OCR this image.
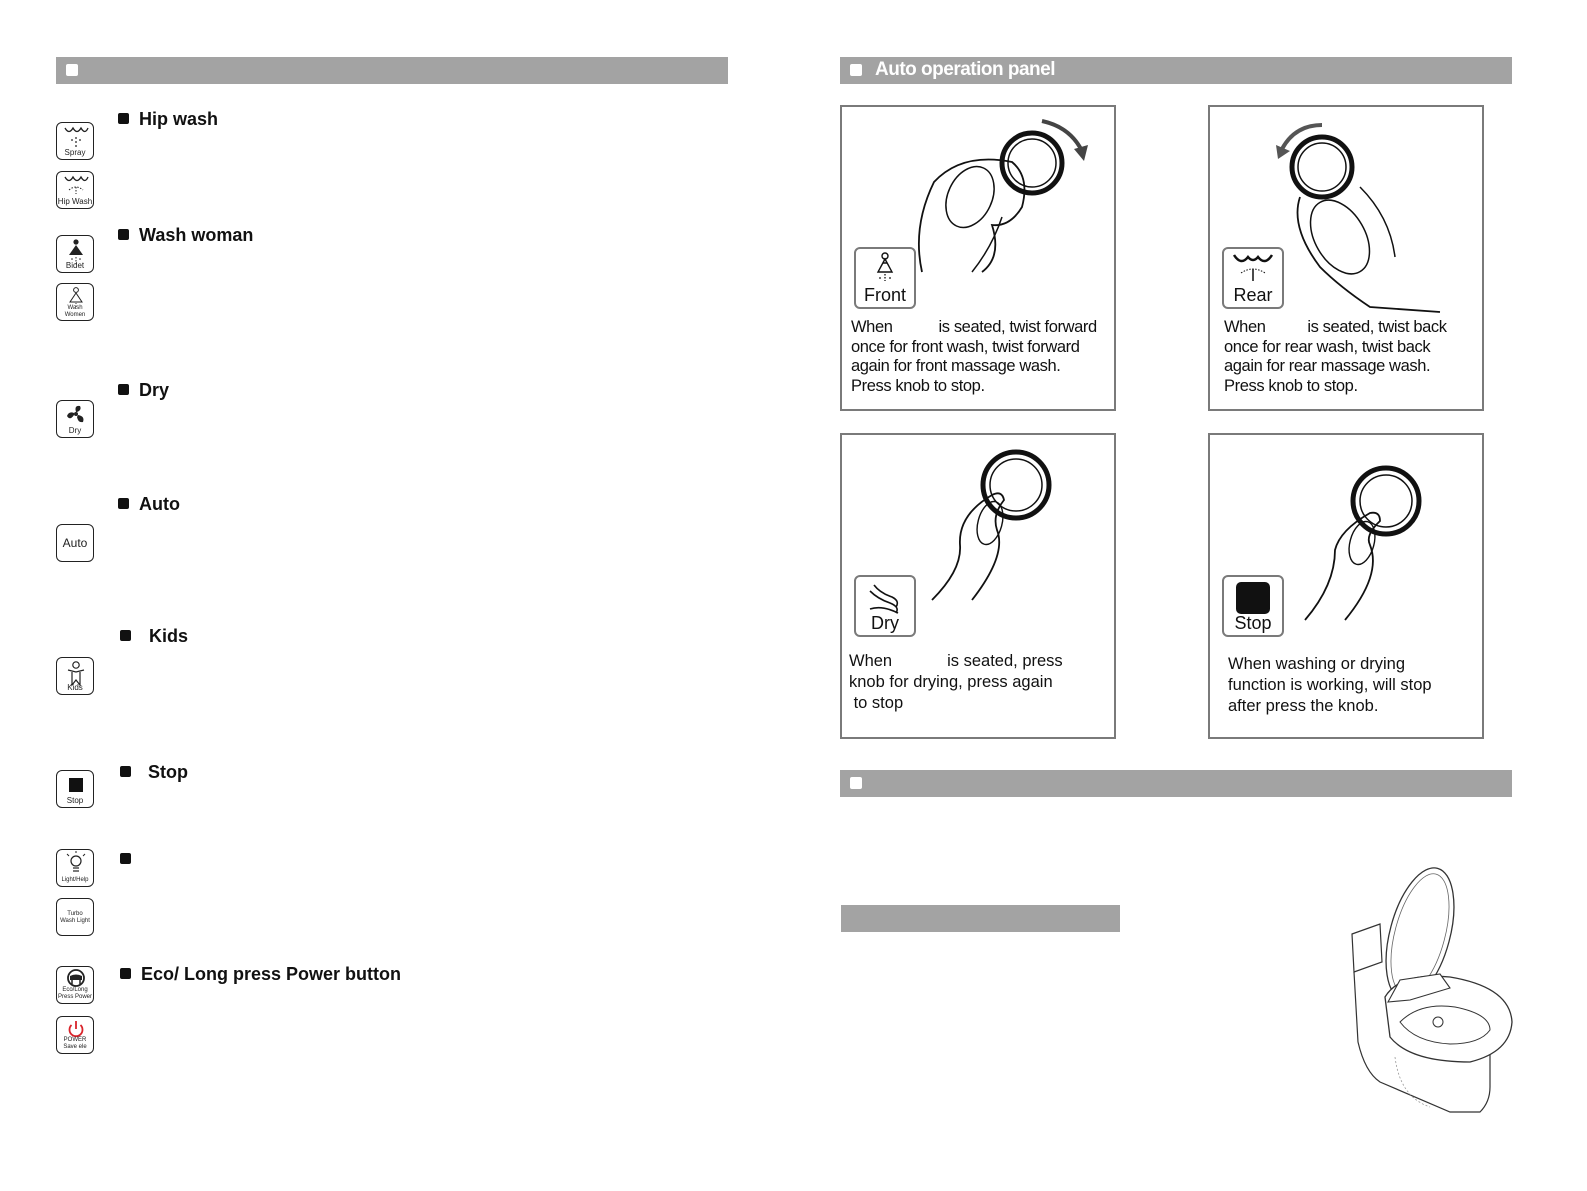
Hip wash
Wash woman
Dry
Auto
Kids
Stop
Eco/ Long press Power button
Spray
Hip Wash
Bidet
Wash Women
Dry
Auto
Kids
Stop
Light/Help
Turbo Wash Light
Eco/Long Press Power
POWER Save ele
Auto operation panel
Front
When           is seated, twist forward
once for front wash, twist forward
again for front massage wash.
Press knob to stop.
Rear
When          is seated, twist back
once for rear wash, twist back
again for rear massage wash.
Press knob to stop.
Dry
When            is seated, press
knob for drying, press again
to stop
Stop
When washing or drying
function is working, will stop
after press the knob.
